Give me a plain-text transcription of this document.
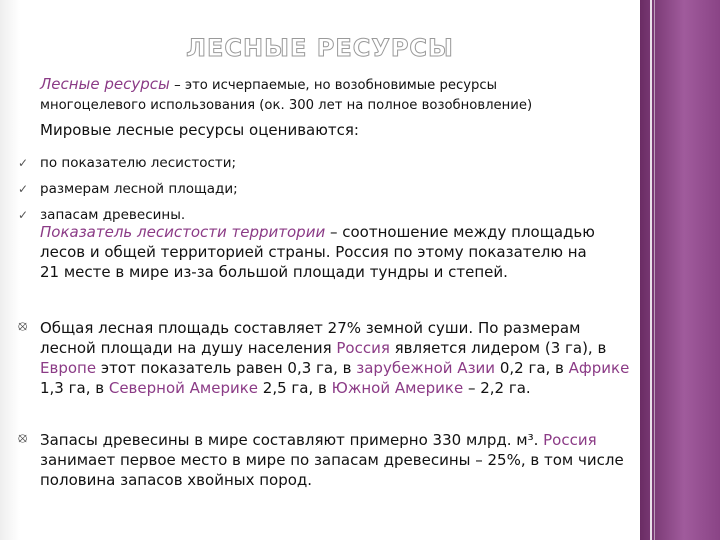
ЛЕСНЫЕ РЕСУРСЫ

Лесные ресурсы – это исчерпаемые, но возобновимые ресурсы
многоцелевого использования (ок. 300 лет на полное возобновление)

Мировые лесные ресурсы оцениваются:

✓ по показателю лесистости;
✓ размерам лесной площади;
✓ запасам древесины.

Показатель лесистости территории – соотношение между площадью лесов и общей территорией страны. Россия по этому показателю на 21 месте в мире из-за большой площади тундры и степей.

⦻ Общая лесная площадь составляет 27% земной суши. По размерам лесной площади на душу населения Россия является лидером (3 га), в Европе этот показатель равен 0,3 га, в зарубежной Азии 0,2 га, в Африке 1,3 га, в Северной Америке 2,5 га, в Южной Америке – 2,2 га.

⦻ Запасы древесины в мире составляют примерно 330 млрд. м³. Россия занимает первое место в мире по запасам древесины – 25%, в том числе половина запасов хвойных пород.
